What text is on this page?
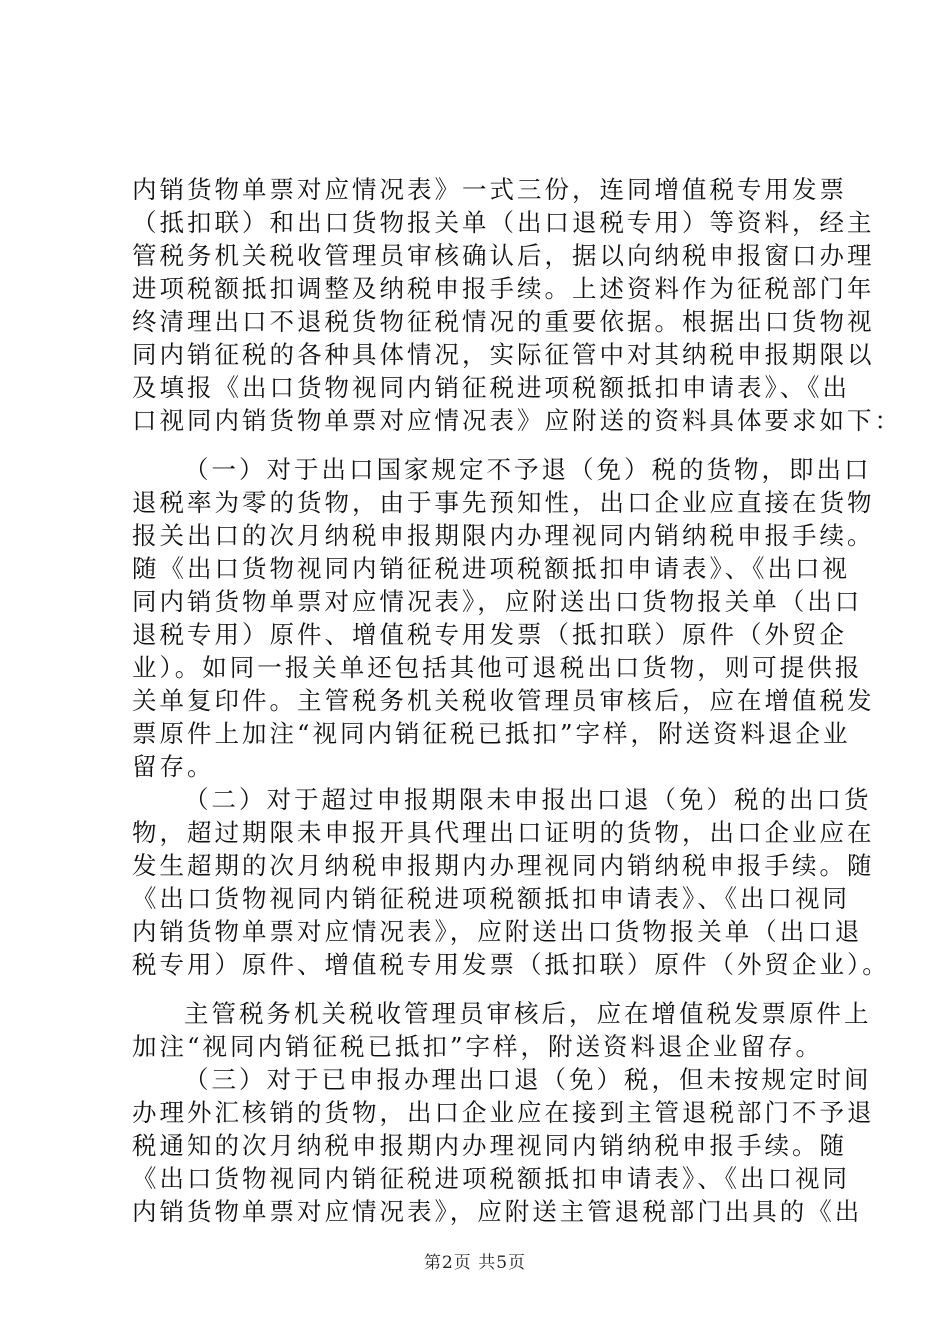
内销货物单票对应情况表》一式三份，连同增值税专用发票
（抵扣联）和出口货物报关单（出口退税专用）等资料，经主
管税务机关税收管理员审核确认后，据以向纳税申报窗口办理
进项税额抵扣调整及纳税申报手续。上述资料作为征税部门年
终清理出口不退税货物征税情况的重要依据。根据出口货物视
同内销征税的各种具体情况，实际征管中对其纳税申报期限以
及填报《出口货物视同内销征税进项税额抵扣申请表》、《出
口视同内销货物单票对应情况表》应附送的资料具体要求如下：
（一）对于出口国家规定不予退（免）税的货物，即出口
退税率为零的货物，由于事先预知性，出口企业应直接在货物
报关出口的次月纳税申报期限内办理视同内销纳税申报手续。
随《出口货物视同内销征税进项税额抵扣申请表》、《出口视
同内销货物单票对应情况表》，应附送出口货物报关单（出口
退税专用）原件、增值税专用发票（抵扣联）原件（外贸企
业）。如同一报关单还包括其他可退税出口货物，则可提供报
关单复印件。主管税务机关税收管理员审核后，应在增值税发
票原件上加注“视同内销征税已抵扣”字样，附送资料退企业
留存。
（二）对于超过申报期限未申报出口退（免）税的出口货
物，超过期限未申报开具代理出口证明的货物，出口企业应在
发生超期的次月纳税申报期内办理视同内销纳税申报手续。随
《出口货物视同内销征税进项税额抵扣申请表》、《出口视同
内销货物单票对应情况表》，应附送出口货物报关单（出口退
税专用）原件、增值税专用发票（抵扣联）原件（外贸企业）。
主管税务机关税收管理员审核后，应在增值税发票原件上
加注“视同内销征税已抵扣”字样，附送资料退企业留存。
（三）对于已申报办理出口退（免）税，但未按规定时间
办理外汇核销的货物，出口企业应在接到主管退税部门不予退
税通知的次月纳税申报期内办理视同内销纳税申报手续。随
《出口货物视同内销征税进项税额抵扣申请表》、《出口视同
内销货物单票对应情况表》，应附送主管退税部门出具的《出
第2页 共5页
